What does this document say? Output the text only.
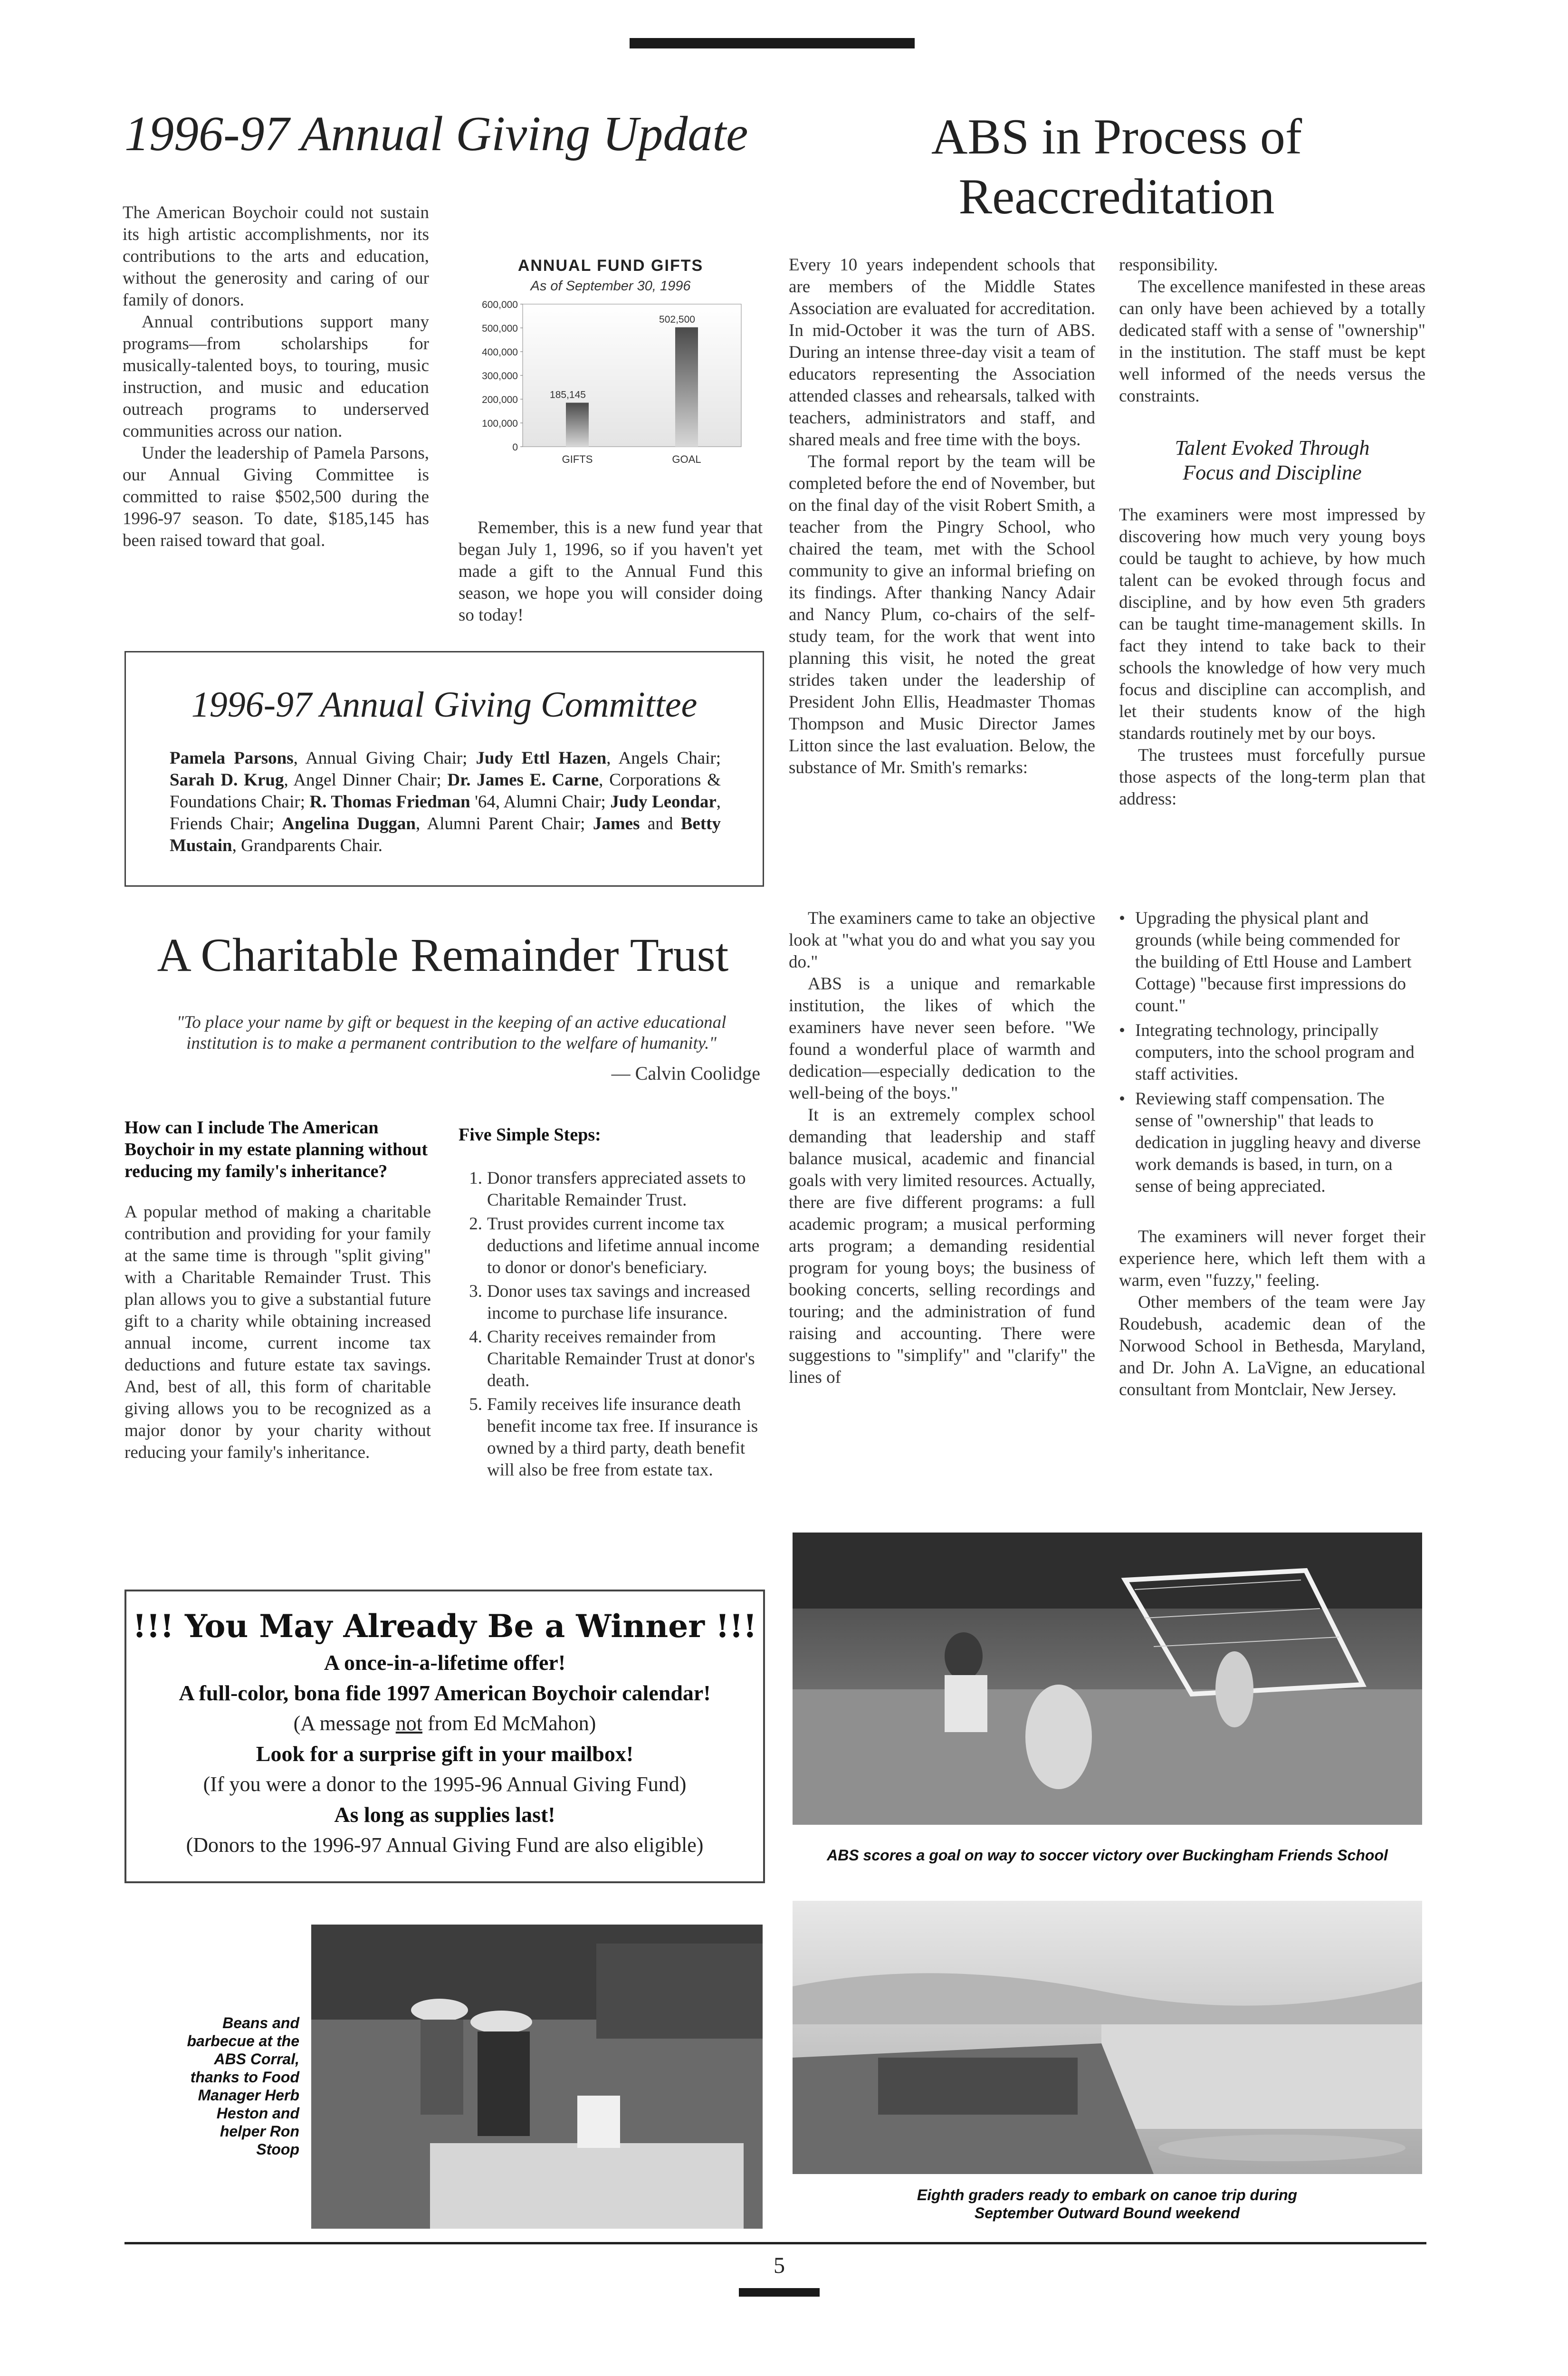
1996-97 Annual Giving Update

The American Boychoir could not sustain its high artistic accomplishments, nor its contributions to the arts and education, without the generosity and caring of our family of donors.

Annual contributions support many programs—from scholarships for musically-talented boys, to touring, music instruction, and music and education outreach programs to underserved communities across our nation.

Under the leadership of Pamela Parsons, our Annual Giving Committee is committed to raise $502,500 during the 1996-97 season. To date, $185,145 has been raised toward that goal.

ANNUAL FUND GIFTS
As of September 30, 1996
600,000
500,000
400,000
300,000
200,000
100,000
0
185,145
GIFTS
502,500
GOAL

Remember, this is a new fund year that began July 1, 1996, so if you haven't yet made a gift to the Annual Fund this season, we hope you will consider doing so today!

1996-97 Annual Giving Committee
Pamela Parsons, Annual Giving Chair; Judy Ettl Hazen, Angels Chair; Sarah D. Krug, Angel Dinner Chair; Dr. James E. Carne, Corporations & Foundations Chair; R. Thomas Friedman '64, Alumni Chair; Judy Leondar, Friends Chair; Angelina Duggan, Alumni Parent Chair; James and Betty Mustain, Grandparents Chair.
A Charitable Remainder Trust
"To place your name by gift or bequest in the keeping of an active educational institution is to make a permanent contribution to the welfare of humanity."
— Calvin Coolidge

How can I include The American Boychoir in my estate planning without reducing my family's inheritance?

A popular method of making a charitable contribution and providing for your family at the same time is through "split giving" with a Charitable Remainder Trust. This plan allows you to give a substantial future gift to a charity while obtaining increased annual income, current income tax deductions and future estate tax savings. And, best of all, this form of charitable giving allows you to be recognized as a major donor by your charity without reducing your family's inheritance.

Five Simple Steps:

1. Donor transfers appreciated assets to Charitable Remainder Trust.
2. Trust provides current income tax deductions and lifetime annual income to donor or donor's beneficiary.
3. Donor uses tax savings and increased income to purchase life insurance.
4. Charity receives remainder from Charitable Remainder Trust at donor's death.
5. Family receives life insurance death benefit income tax free. If insurance is owned by a third party, death benefit will also be free from estate tax.
!!! You May Already Be a Winner !!!
A once-in-a-lifetime offer!
A full-color, bona fide 1997 American Boychoir calendar!
(A message not from Ed McMahon)
Look for a surprise gift in your mailbox!
(If you were a donor to the 1995-96 Annual Giving Fund)
As long as supplies last!
(Donors to the 1996-97 Annual Giving Fund are also eligible)
ABS in Process of
Reaccreditation

Every 10 years independent schools that are members of the Middle States Association are evaluated for accreditation. In mid-October it was the turn of ABS. During an intense three-day visit a team of educators representing the Association attended classes and rehearsals, talked with teachers, administrators and staff, and shared meals and free time with the boys.

The formal report by the team will be completed before the end of November, but on the final day of the visit Robert Smith, a teacher from the Pingry School, who chaired the team, met with the School community to give an informal briefing on its findings. After thanking Nancy Adair and Nancy Plum, co-chairs of the self-study team, for the work that went into planning this visit, he noted the great strides taken under the leadership of President John Ellis, Headmaster Thomas Thompson and Music Director James Litton since the last evaluation. Below, the substance of Mr. Smith's remarks:

responsibility.

The excellence manifested in these areas can only have been achieved by a totally dedicated staff with a sense of "ownership" in the institution. The staff must be kept well informed of the needs versus the constraints.

Talent Evoked Through
Focus and Discipline

The examiners were most impressed by discovering how much very young boys could be taught to achieve, by how much talent can be evoked through focus and discipline, and by how even 5th graders can be taught time-management skills. In fact they intend to take back to their schools the knowledge of how very much focus and discipline can accomplish, and let their students know of the high standards routinely met by our boys.

The trustees must forcefully pursue those aspects of the long-term plan that address:

The examiners came to take an objective look at "what you do and what you say you do."

ABS is a unique and remarkable institution, the likes of which the examiners have never seen before. "We found a wonderful place of warmth and dedication—especially dedication to the well-being of the boys."

It is an extremely complex school demanding that leadership and staff balance musical, academic and financial goals with very limited resources. Actually, there are five different programs: a full academic program; a musical performing arts program; a demanding residential program for young boys; the business of booking concerts, selling recordings and touring; and the administration of fund raising and accounting. There were suggestions to "simplify" and "clarify" the lines of

• Upgrading the physical plant and grounds (while being commended for the building of Ettl House and Lambert Cottage) "because first impressions do count."
• Integrating technology, principally computers, into the school program and staff activities.
• Reviewing staff compensation. The sense of "ownership" that leads to dedication in juggling heavy and diverse work demands is based, in turn, on a sense of being appreciated.

The examiners will never forget their experience here, which left them with a warm, even "fuzzy," feeling.

Other members of the team were Jay Roudebush, academic dean of the Norwood School in Bethesda, Maryland, and Dr. John A. LaVigne, an educational consultant from Montclair, New Jersey.

ABS scores a goal on way to soccer victory over Buckingham Friends School
Beans and barbecue at the ABS Corral, thanks to Food Manager Herb Heston and helper Ron Stoop
Eighth graders ready to embark on canoe trip during September Outward Bound weekend
5
